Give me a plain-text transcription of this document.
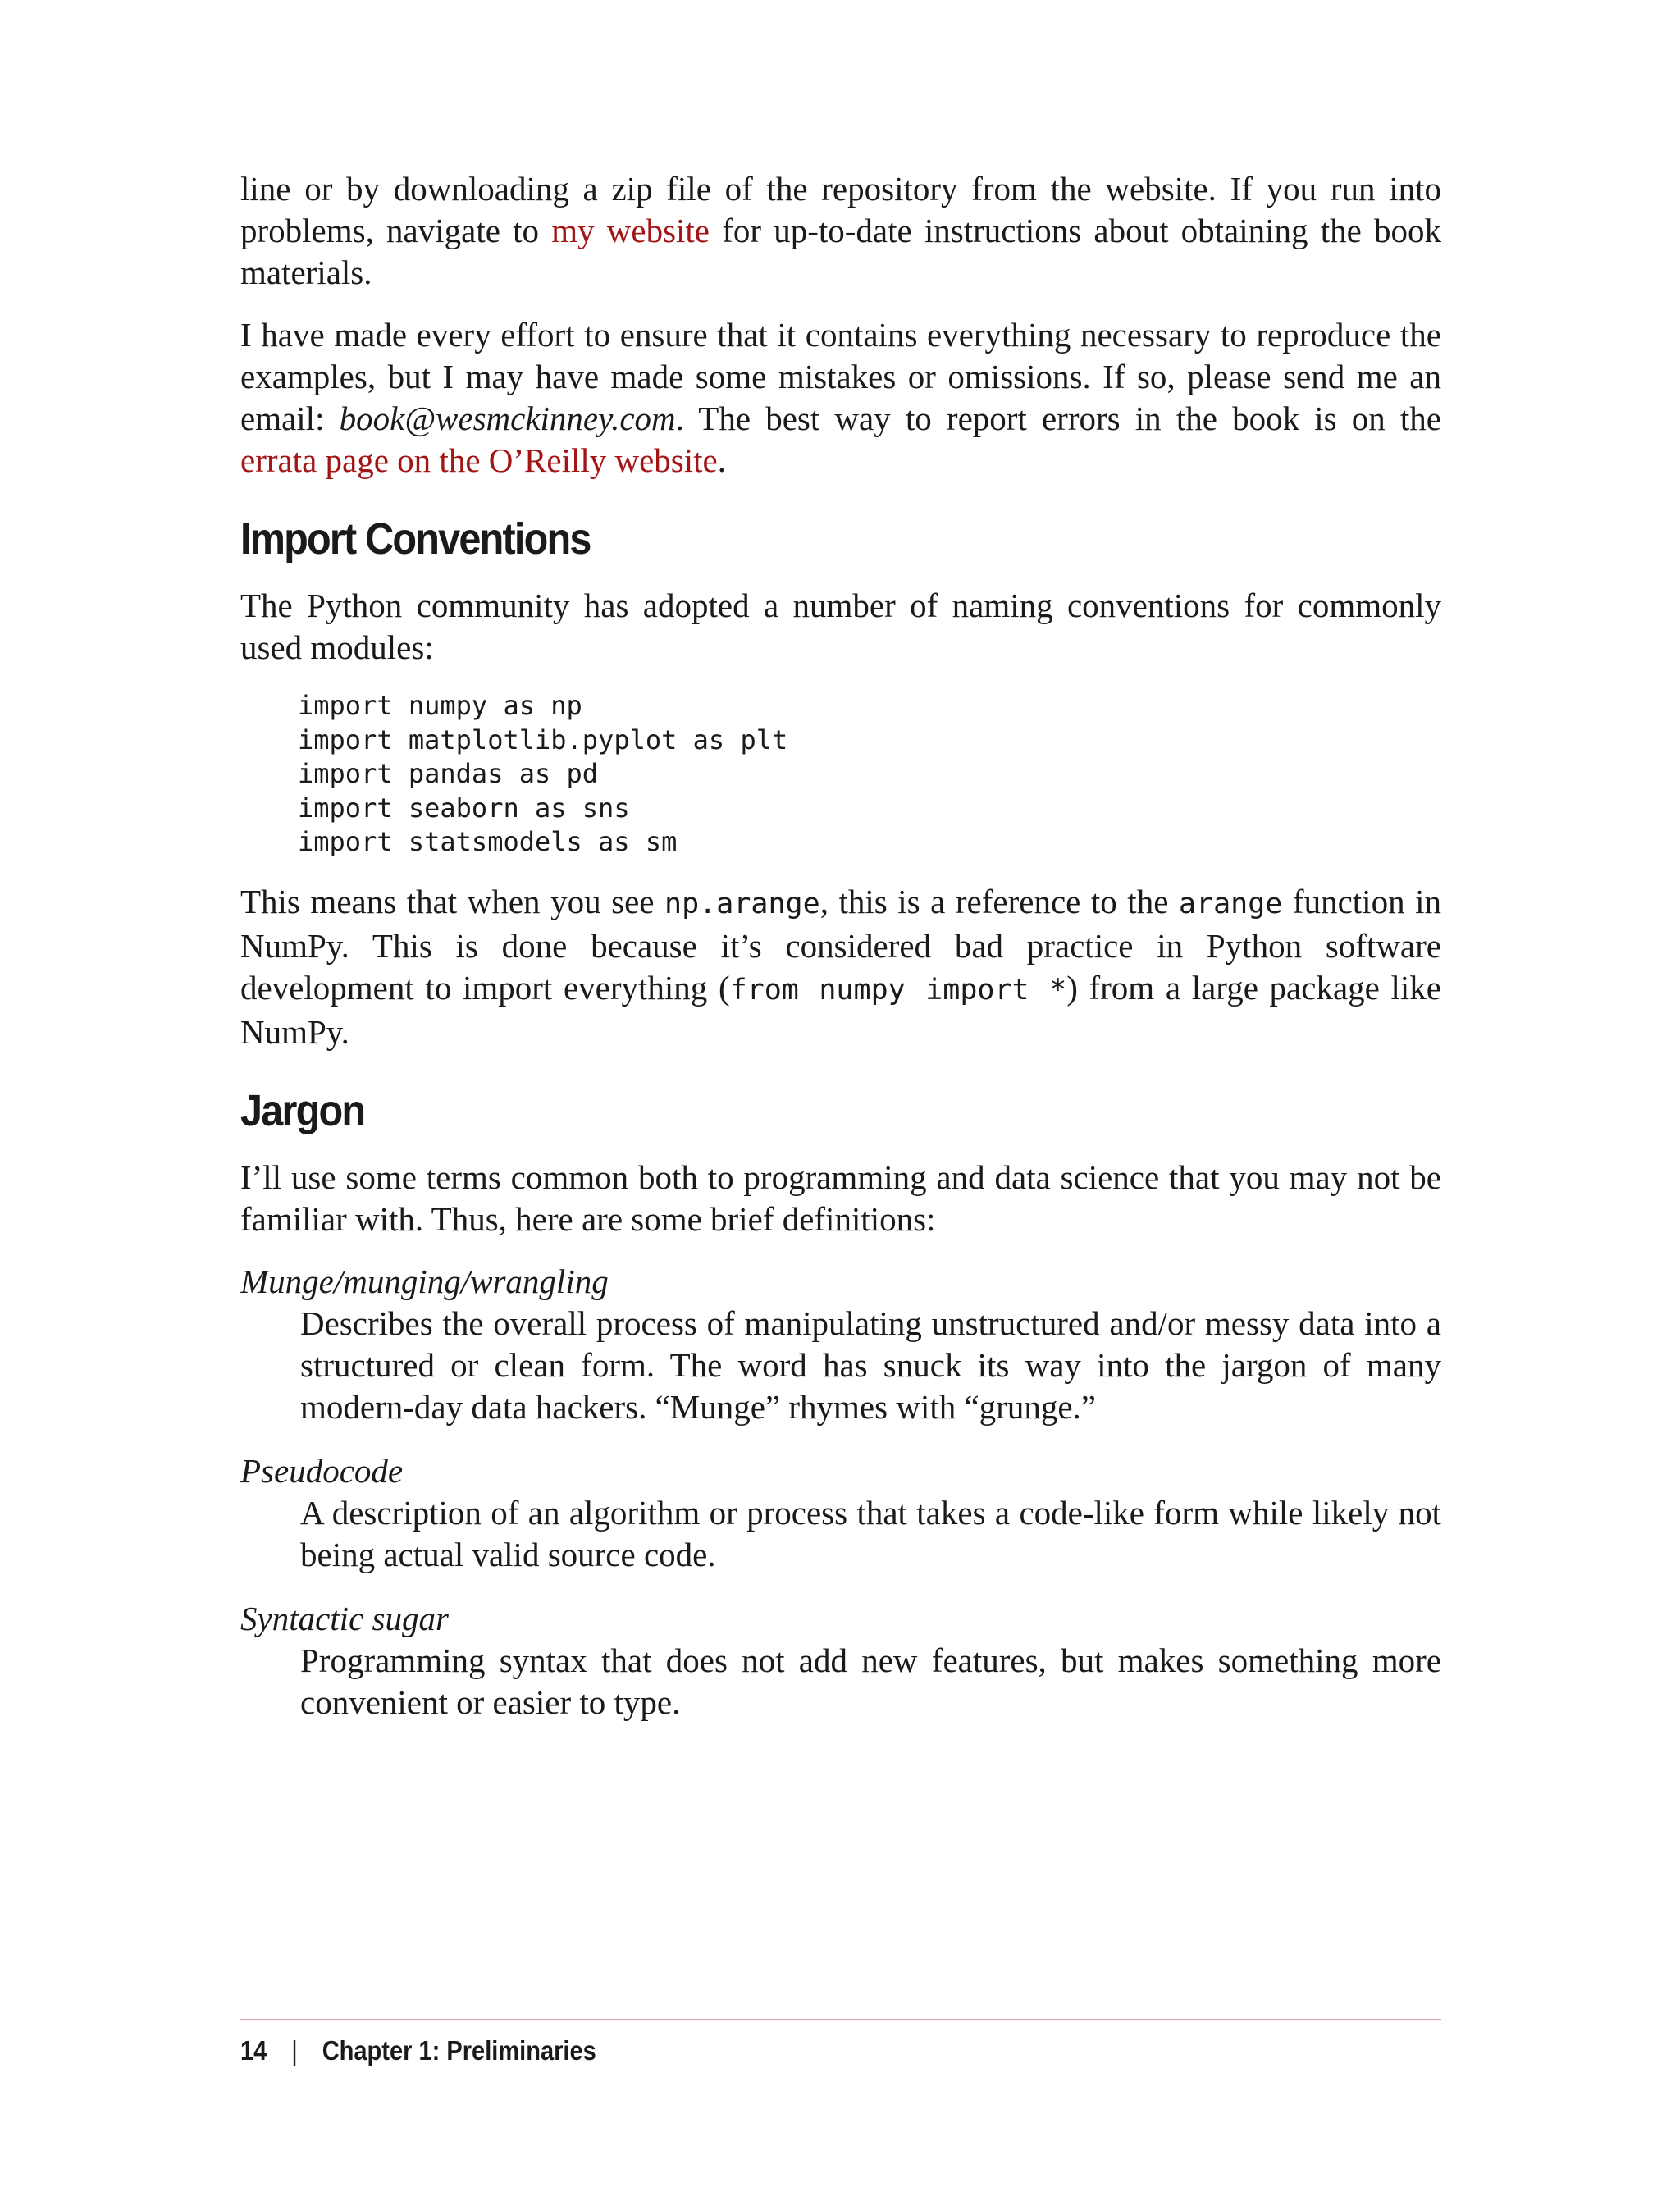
line or by downloading a zip file of the repository from the website. If you run into problems, navigate to my website for up-to-date instructions about obtaining the book materials.

I have made every effort to ensure that it contains everything necessary to reproduce the examples, but I may have made some mistakes or omissions. If so, please send me an email: book@wesmckinney.com. The best way to report errors in the book is on the errata page on the O’Reilly website.

Import Conventions

The Python community has adopted a number of naming conventions for commonly used modules:

import numpy as np
import matplotlib.pyplot as plt
import pandas as pd
import seaborn as sns
import statsmodels as sm

This means that when you see np.arange, this is a reference to the arange function in NumPy. This is done because it’s considered bad practice in Python software development to import everything (from numpy import *) from a large package like NumPy.

Jargon

I’ll use some terms common both to programming and data science that you may not be familiar with. Thus, here are some brief definitions:

Munge/munging/wrangling
Describes the overall process of manipulating unstructured and/or messy data into a structured or clean form. The word has snuck its way into the jargon of many modern-day data hackers. “Munge” rhymes with “grunge.”
Pseudocode
A description of an algorithm or process that takes a code-like form while likely not being actual valid source code.
Syntactic sugar
Programming syntax that does not add new features, but makes something more convenient or easier to type.
14 | Chapter 1: Preliminaries
